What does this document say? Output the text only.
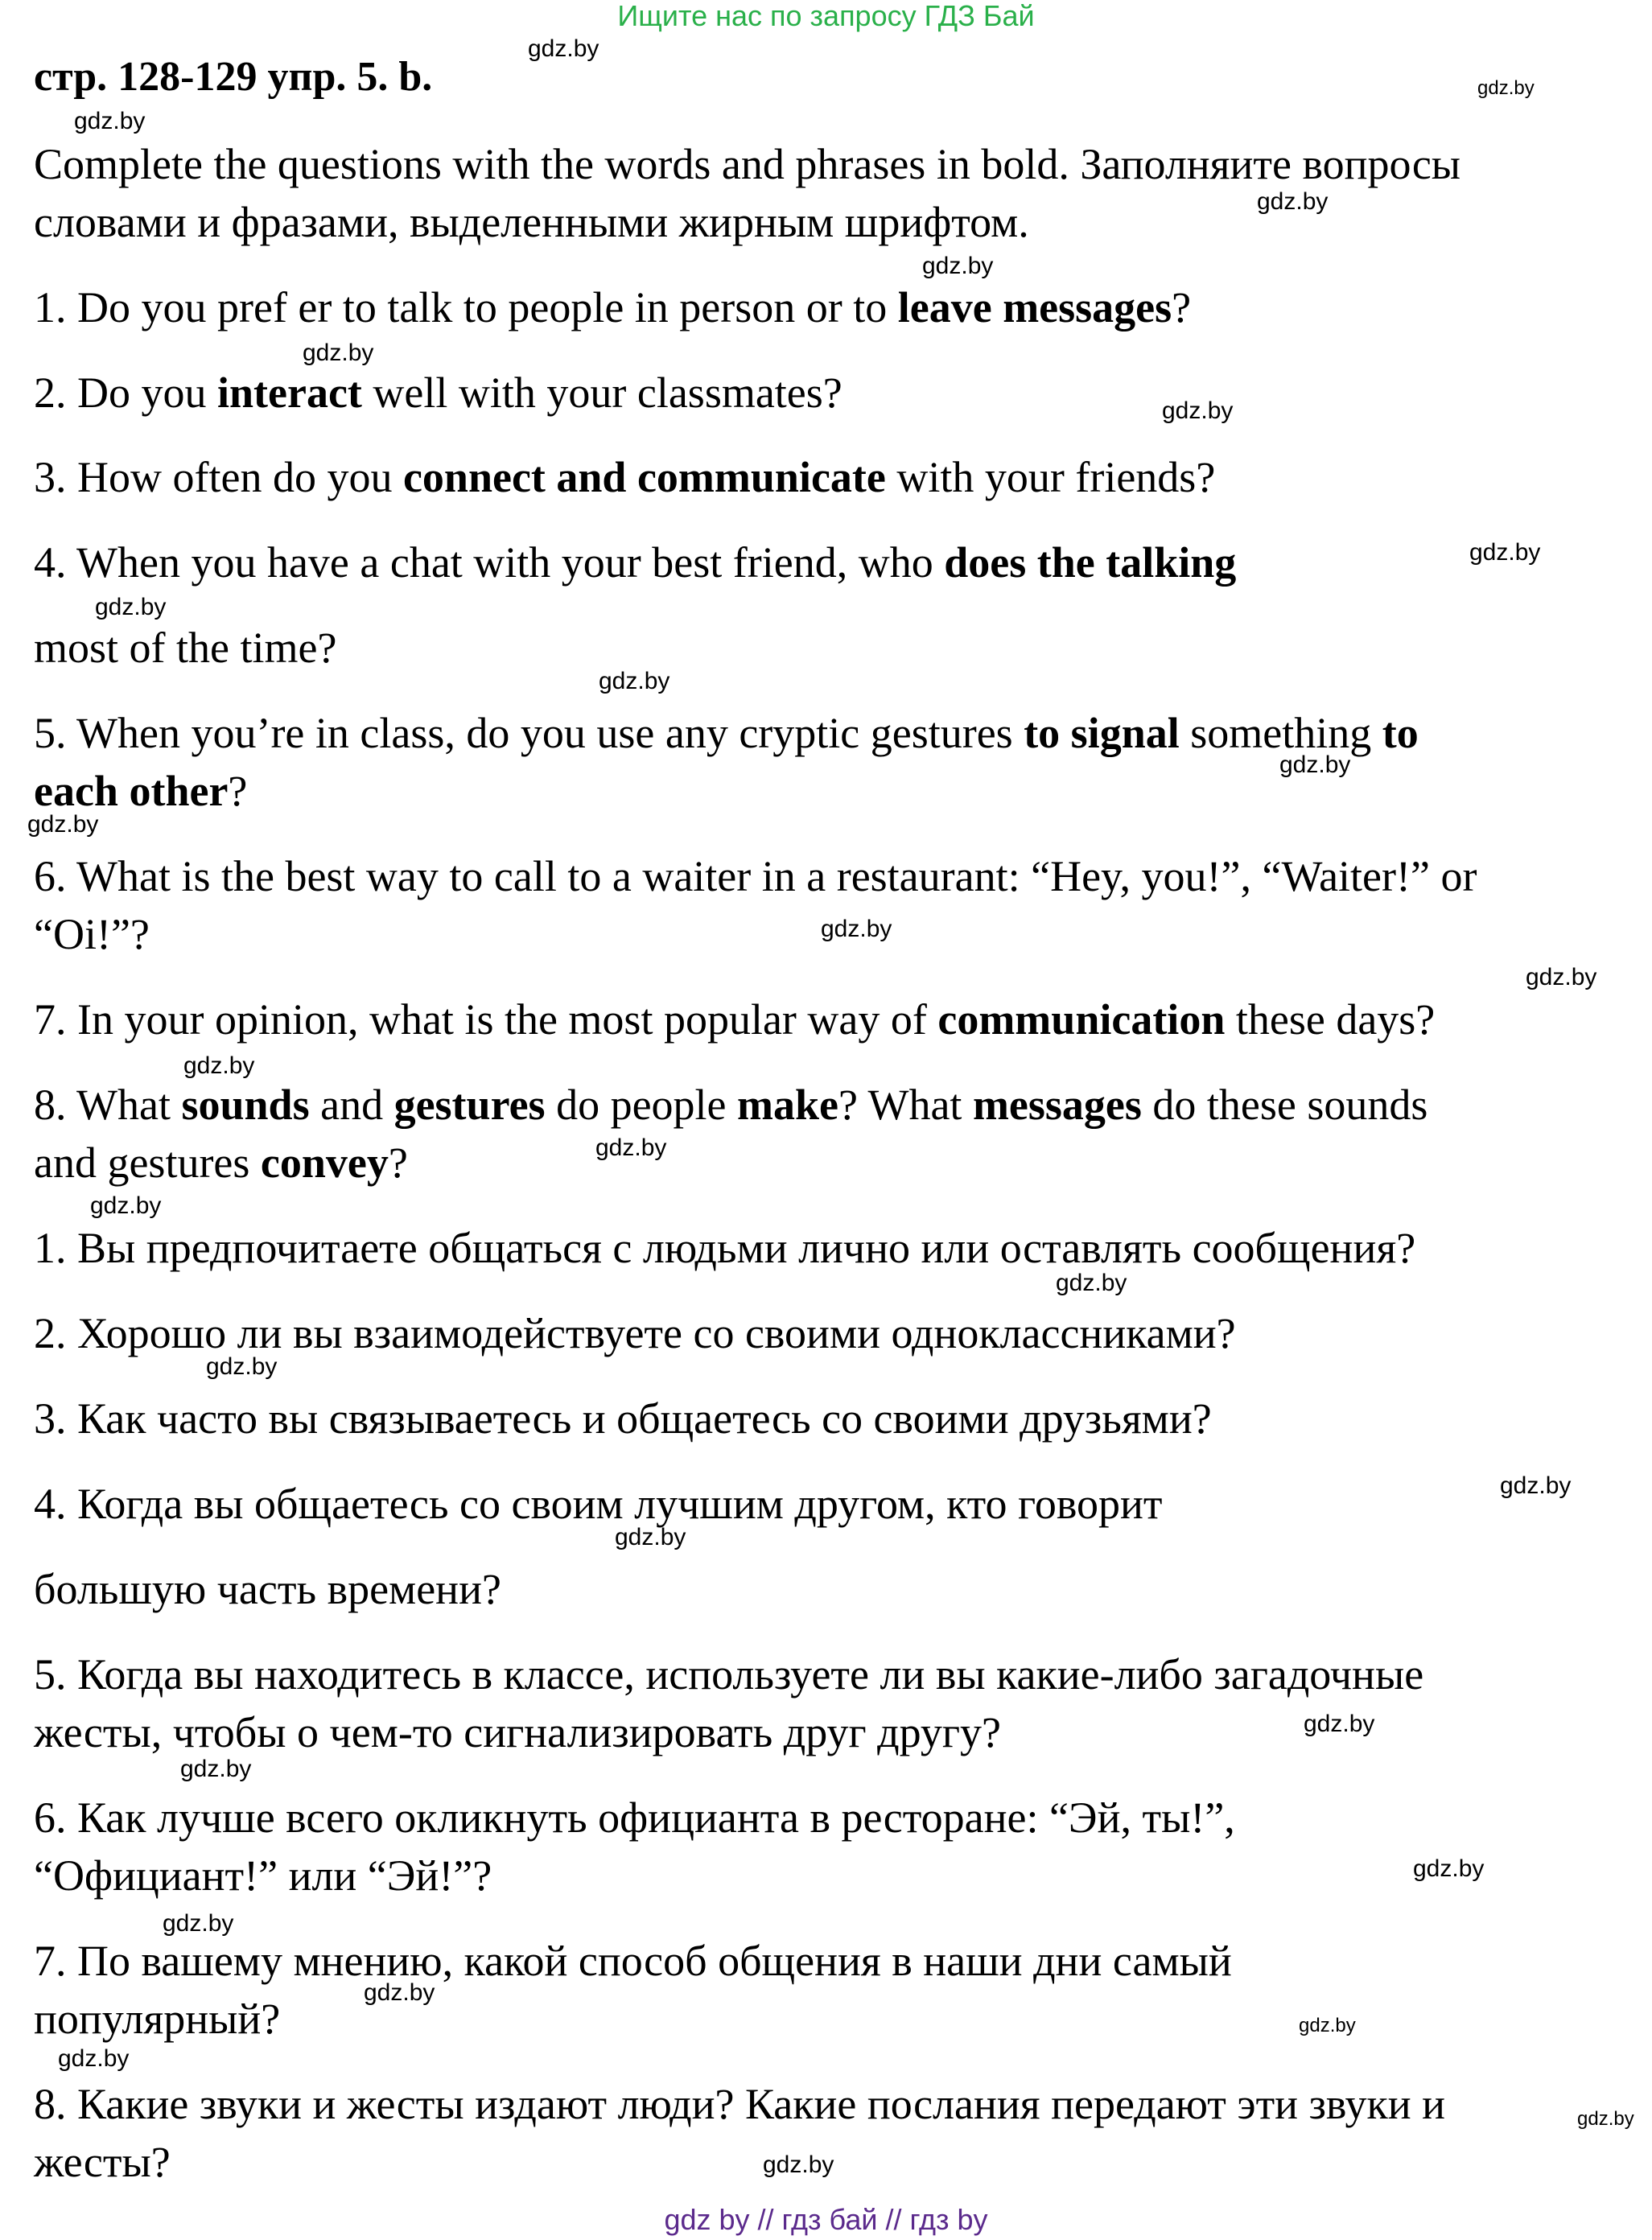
Ищите нас по запросу ГДЗ Бай
стр. 128-129 упр. 5. b.
Complete the questions with the words and phrases in bold. Заполняите вопросы
словами и фразами, выделенными жирным шрифтом.
1. Do you pref er to talk to people in person or to leave messages?
2. Do you interact well with your classmates?
3. How often do you connect and communicate with your friends?
4. When you have a chat with your best friend, who does the talking
most of the time?
5. When you’re in class, do you use any cryptic gestures to signal something to
each other?
6. What is the best way to call to a waiter in a restaurant: “Hey, you!”, “Waiter!” or
“Oi!”?
7. In your opinion, what is the most popular way of communication these days?
8. What sounds and gestures do people make? What messages do these sounds
and gestures convey?
1. Вы предпочитаете общаться с людьми лично или оставлять сообщения?
2. Хорошо ли вы взаимодействуете со своими одноклассниками?
3. Как часто вы связываетесь и общаетесь со своими друзьями?
4. Когда вы общаетесь со своим лучшим другом, кто говорит
большую часть времени?
5. Когда вы находитесь в классе, используете ли вы какие-либо загадочные
жесты, чтобы о чем-то сигнализировать друг другу?
6. Как лучше всего окликнуть официанта в ресторане: “Эй, ты!”,
“Официант!” или “Эй!”?
7. По вашему мнению, какой способ общения в наши дни самый
популярный?
8. Какие звуки и жесты издают люди? Какие послания передают эти звуки и
жесты?
gdz.by
gdz.by
gdz.by
gdz.by
gdz.by
gdz.by
gdz.by
gdz.by
gdz.by
gdz.by
gdz.by
gdz.by
gdz.by
gdz.by
gdz.by
gdz.by
gdz.by
gdz.by
gdz.by
gdz.by
gdz.by
gdz.by
gdz.by
gdz.by
gdz.by
gdz.by
gdz.by
gdz.by
gdz.by
gdz.by
gdz by // гдз бай // гдз by
